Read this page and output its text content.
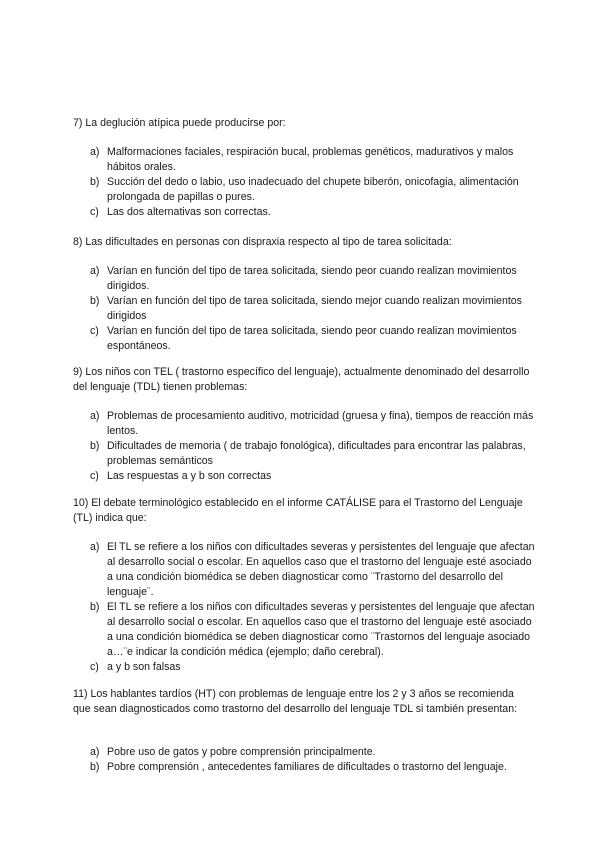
7) La deglución atípica puede producirse por:

a) Malformaciones faciales, respiración bucal, problemas genéticos, madurativos y malos hábitos orales.
b) Succión del dedo o labio, uso inadecuado del chupete biberón, onicofagia, alimentación prolongada de papillas o pures.
c) Las dos alternativas son correctas.

8) Las dificultades en personas con dispraxia respecto al tipo de tarea solicitada:

a) Varían en función del tipo de tarea solicitada, siendo peor cuando realizan movimientos dirigidos.
b) Varían en función del tipo de tarea solicitada, siendo mejor cuando realizan movimientos dirigidos
c) Varían en función del tipo de tarea solicitada, siendo peor cuando realizan movimientos espontáneos.

9) Los niños con TEL ( trastorno específico del lenguaje), actualmente denominado del desarrollo del lenguaje (TDL) tienen problemas:

a) Problemas de procesamiento auditivo, motricidad (gruesa y fina), tiempos de reacción más lentos.
b) Dificultades de memoria ( de trabajo fonológica), dificultades para encontrar las palabras, problemas semánticos
c) Las respuestas a y b son correctas

10) El debate terminológico establecido en el informe CATÁLISE para el Trastorno del Lenguaje (TL) indica que:

a) El TL se refiere a los niños con dificultades severas y persistentes del lenguaje que afectan al desarrollo social o escolar. En aquellos caso que el trastorno del lenguaje esté asociado a una condición biomédica se deben diagnosticar como ¨Trastorno del desarrollo del lenguaje¨.
b) El TL se refiere a los niños con dificultades severas y persistentes del lenguaje que afectan al desarrollo social o escolar. En aquellos caso que el trastorno del lenguaje esté asociado a una condición biomédica se deben diagnosticar como ¨Trastornos del lenguaje asociado a…¨e indicar la condición médica (ejemplo; daño cerebral).
c) a y b son falsas

11) Los hablantes tardíos (HT) con problemas de lenguaje entre los 2 y 3 años se recomienda que sean diagnosticados como trastorno del desarrollo del lenguaje TDL si también presentan:

a) Pobre uso de gatos y pobre comprensión principalmente.
b) Pobre comprensión , antecedentes familiares de dificultades o trastorno del lenguaje.
